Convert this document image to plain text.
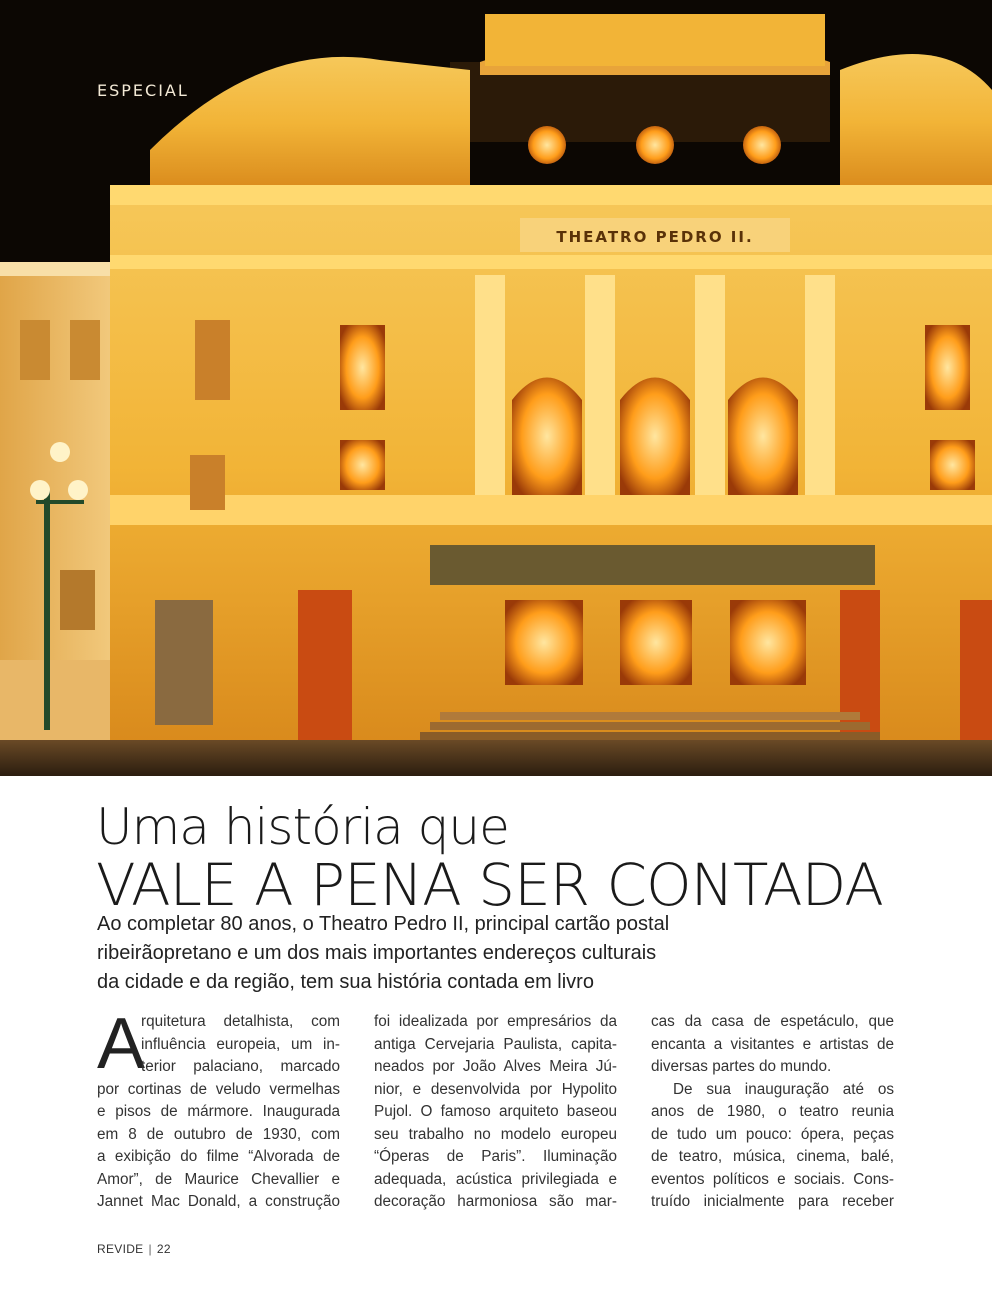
THEATRO PEDRO II.
ESPECIAL
Uma história que
VALE A PENA SER CONTADA
Ao completar 80 anos, o Theatro Pedro II, principal cartão postal
ribeirãopretano e um dos mais importantes endereços culturais
da cidade e da região, tem sua história contada em livro
A
rquitetura detalhista, com
influência europeia, um in-
terior palaciano, marcado
por cortinas de veludo vermelhas
e pisos de mármore. Inaugurada
em 8 de outubro de 1930, com
a exibição do filme “Alvorada de
Amor”, de Maurice Chevallier e
Jannet Mac Donald, a construção
foi idealizada por empresários da
antiga Cervejaria Paulista, capita-
neados por João Alves Meira Jú-
nior, e desenvolvida por Hypolito
Pujol. O famoso arquiteto baseou
seu trabalho no modelo europeu
“Óperas de Paris”. Iluminação
adequada, acústica privilegiada e
decoração harmoniosa são mar-
cas da casa de espetáculo, que
encanta a visitantes e artistas de
diversas partes do mundo.
De sua inauguração até os
anos de 1980, o teatro reunia
de tudo um pouco: ópera, peças
de teatro, música, cinema, balé,
eventos políticos e sociais. Cons-
truído inicialmente para receber
REVIDE | 22
